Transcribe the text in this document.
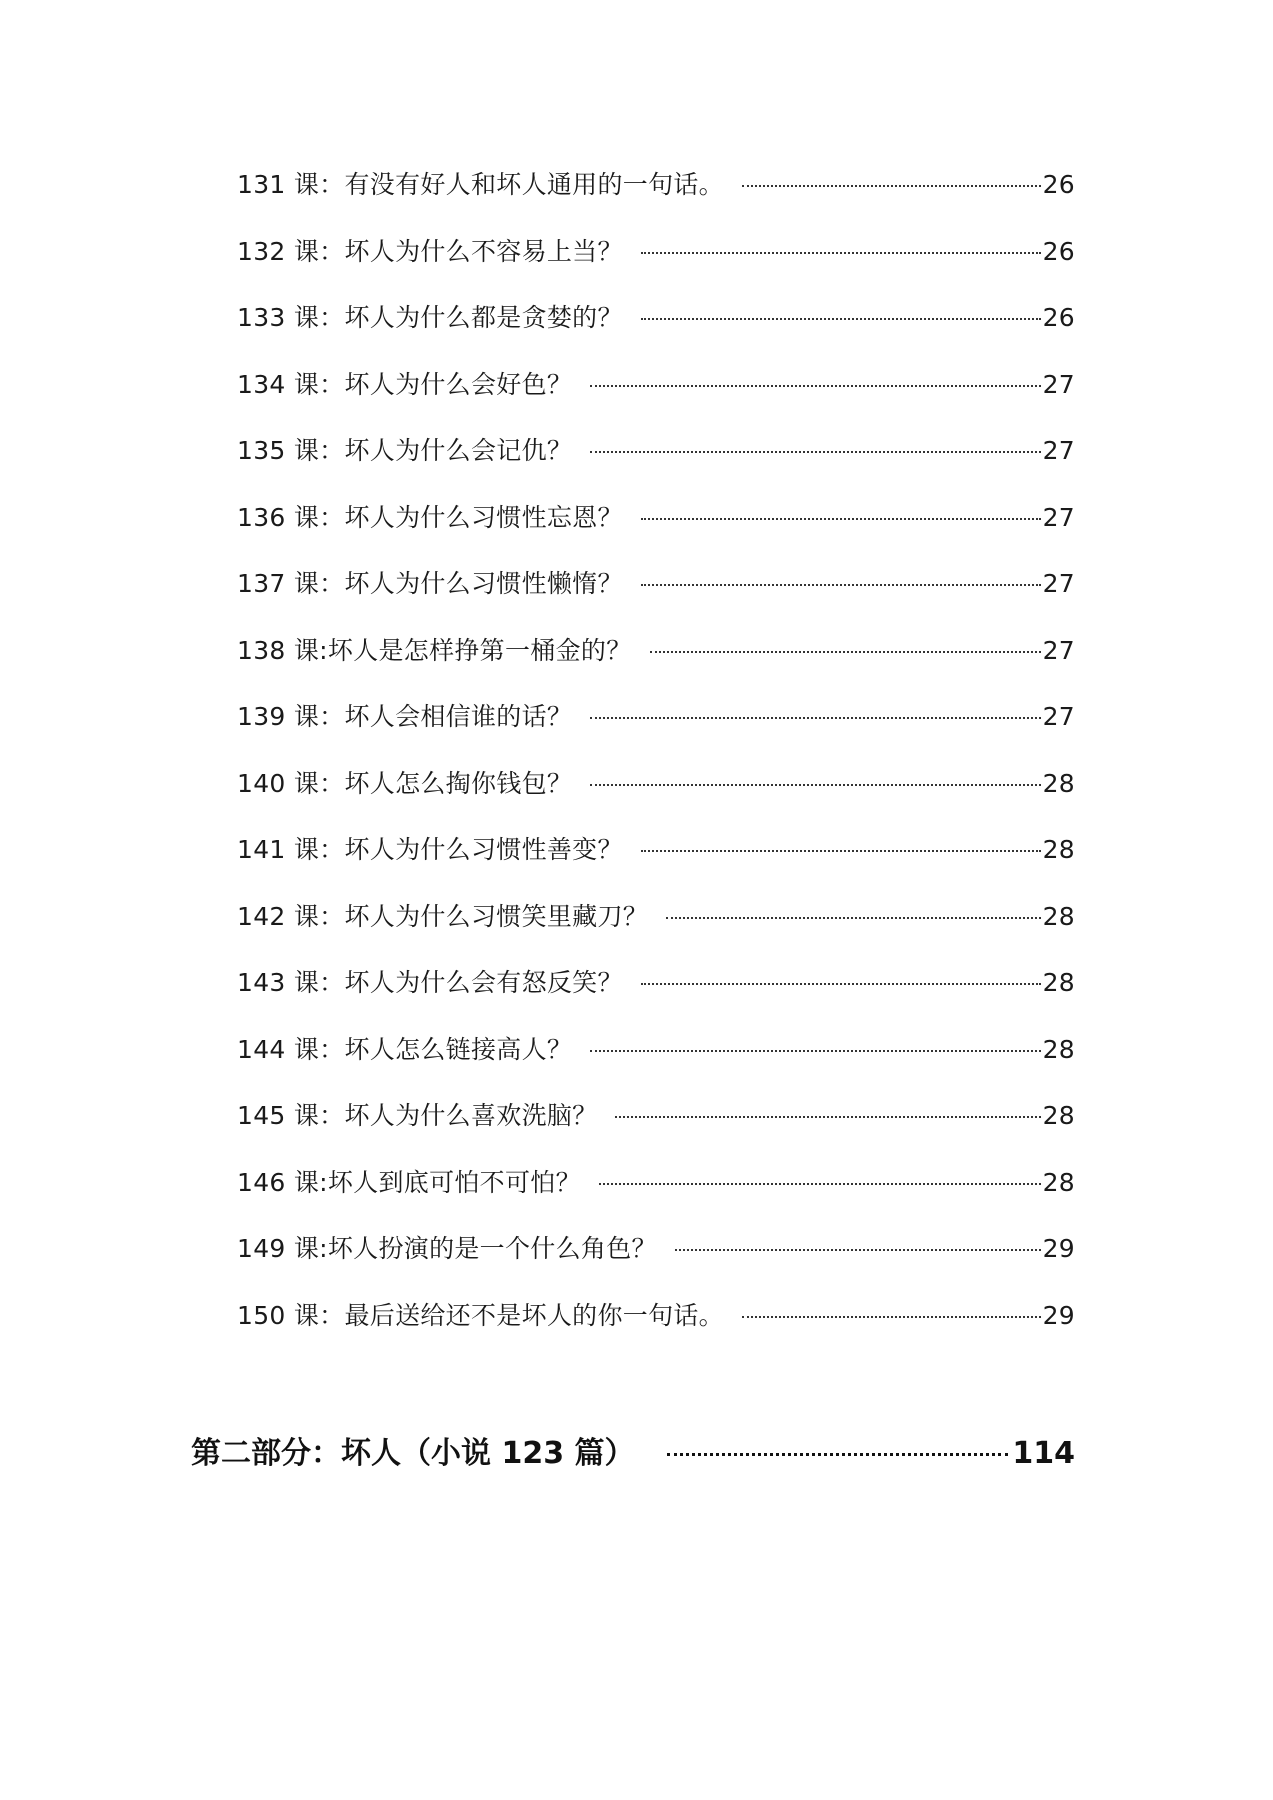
131 课：有没有好人和坏人通用的一句话。	26
132 课：坏人为什么不容易上当？	26
133 课：坏人为什么都是贪婪的？	26
134 课：坏人为什么会好色？	27
135 课：坏人为什么会记仇？	27
136 课：坏人为什么习惯性忘恩？	27
137 课：坏人为什么习惯性懒惰？	27
138 课:坏人是怎样挣第一桶金的？	27
139 课：坏人会相信谁的话？	27
140 课：坏人怎么掏你钱包？	28
141 课：坏人为什么习惯性善变？	28
142 课：坏人为什么习惯笑里藏刀？	28
143 课：坏人为什么会有怒反笑？	28
144 课：坏人怎么链接高人？	28
145 课：坏人为什么喜欢洗脑？	28
146 课:坏人到底可怕不可怕？	28
149 课:坏人扮演的是一个什么角色？	29
150 课：最后送给还不是坏人的你一句话。	29
第二部分：坏人（小说 123 篇）	114
